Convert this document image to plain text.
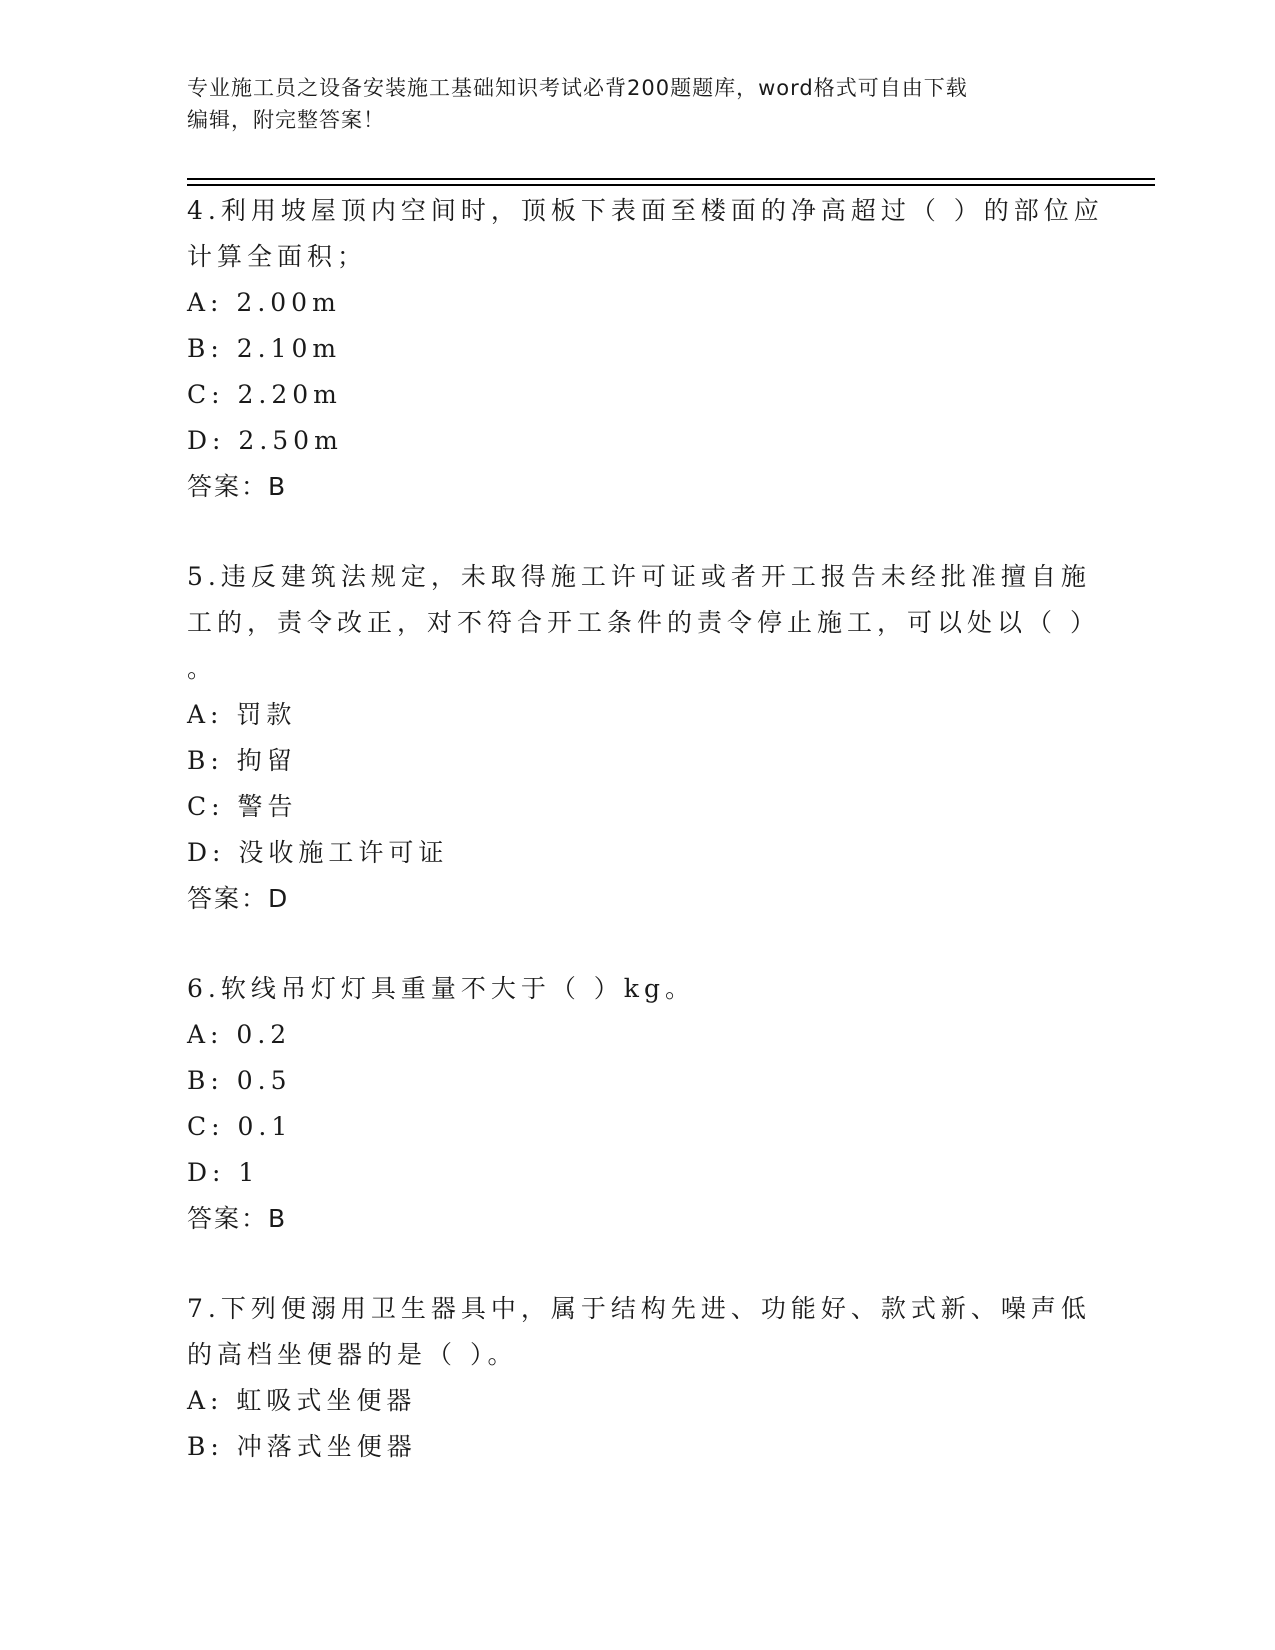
专业施工员之设备安装施工基础知识考试必背200题题库，word格式可自由下载
编辑，附完整答案！
4.利用坡屋顶内空间时，顶板下表面至楼面的净高超过（ ）的部位应
计算全面积；
A: 2.00m
B: 2.10m
C: 2.20m
D: 2.50m
答案：B
5.违反建筑法规定，未取得施工许可证或者开工报告未经批准擅自施
工的，责令改正，对不符合开工条件的责令停止施工，可以处以（ ）
。
A: 罚款
B: 拘留
C: 警告
D: 没收施工许可证
答案：D
6.软线吊灯灯具重量不大于（ ）kg。
A: 0.2
B: 0.5
C: 0.1
D: 1
答案：B
7.下列便溺用卫生器具中，属于结构先进、功能好、款式新、噪声低
的高档坐便器的是（ ）。
A: 虹吸式坐便器
B: 冲落式坐便器
